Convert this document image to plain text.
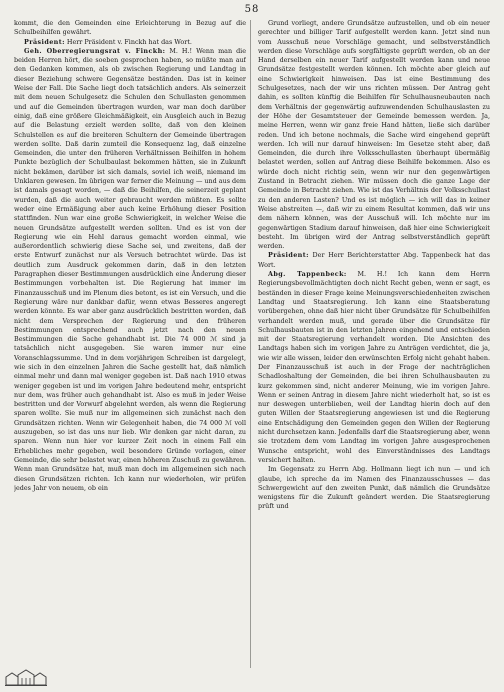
58

kommt, die den Gemeinden eine Erleichterung in Bezug auf die Schulbeihilfen gewährt.

Präsident: Herr Präsident v. Finckh hat das Wort.

Geh. Oberregierungsrat v. Finckh: M. H.! Wenn man die beiden Herren hört, die soeben gesprochen haben, so müßte man auf den Gedanken kommen, als ob zwischen Regierung und Landtag in dieser Beziehung schwere Gegensätze beständen. Das ist in keiner Weise der Fall. Die Sache liegt doch tatsächlich anders. Als seinerzeit mit dem neuen Schulgesetz die Schulen den Schullasten genommen und auf die Gemeinden übertragen wurden, war man doch darüber einig, daß eine größere Gleichmäßigkeit, ein Ausgleich auch in Bezug auf die Belastung erzielt werden sollte, daß von den kleinen Schulstellen es auf die breiteren Schultern der Gemeinde übertragen werden sollte. Daß darin zumteil die Konsequenz lag, daß einzelne Gemeinden, die unter den früheren Verhältnissen Beihilfen in hohem Punkte bezüglich der Schulbaulast bekommen hätten, sie in Zukunft nicht bekämen, darüber ist sich damals, soviel ich weiß, niemand im Unklaren gewesen. Im übrigen war ferner die Meinung — und aus dem ist damals gesagt worden, — daß die Beihilfen, die seinerzeit geplant wurden, daß die auch weiter gebraucht werden müßten. Es sollte weder eine Ermäßigung aber auch keine Erhöhung dieser Position stattfinden. Nun war eine große Schwierigkeit, in welcher Weise die neuen Grundsätze aufgestellt werden sollten. Und es ist von der Regierung wie ein Hehl daraus gemacht worden einmal, wie außerordentlich schwierig diese Sache sei, und zweitens, daß der erste Entwurf zunächst nur als Versuch betrachtet würde. Das ist deutlich zum Ausdruck gekommen darin, daß in den letzten Paragraphen dieser Bestimmungen ausdrücklich eine Änderung dieser Bestimmungen vorbehalten ist. Die Regierung hat immer im Finanzausschuß und im Plenum dies betont, es ist ein Versuch, und die Regierung wäre nur dankbar dafür, wenn etwas Besseres angeregt werden könnte. Es war aber ganz ausdrücklich bestritten worden, daß nicht dem Versprechen der Regierung und den früheren Bestimmungen entsprechend auch jetzt nach den neuen Bestimmungen die Sache gehandhabt ist. Die 74 000 ℳ sind ja tatsächlich nicht ausgegeben. Sie waren immer nur eine Voranschlagssumme. Und in dem vorjährigen Schreiben ist dargelegt, wie sich in den einzelnen Jahren die Sache gestellt hat, daß nämlich einmal mehr und dann mal weniger gegeben ist. Daß nach 1910 etwas weniger gegeben ist und im vorigen Jahre bedeutend mehr, entspricht nur dem, was früher auch gehandhabt ist. Also es muß in jeder Weise bestritten und der Vorwurf abgelehnt werden, als wenn die Regierung sparen wollte. Sie muß nur im allgemeinen sich zunächst nach den Grundsätzen richten. Wenn wir Gelegenheit haben, die 74 000 ℳ voll auszugeben, so ist das uns nur lieb. Wir denken gar nicht daran, zu sparen. Wenn nun hier vor kurzer Zeit noch in einem Fall ein Erhebliches mehr gegeben, weil besondere Gründe vorlagen, einer Gemeinde, die sehr belastet war, einen höheren Zuschuß zu gewähren. Wenn man Grundsätze hat, muß man doch im allgemeinen sich nach diesen Grundsätzen richten. Ich kann nur wiederholen, wir prüfen jedes Jahr von neuem, ob ein

Grund vorliegt, andere Grundsätze aufzustellen, und ob ein neuer gerechter und billiger Tarif aufgestellt werden kann. Jetzt sind nun vom Ausschuß neue Vorschläge gemacht, und selbstverständlich werden diese Vorschläge aufs sorgfältigste geprüft werden, ob an der Hand derselben ein neuer Tarif aufgestellt werden kann und neue Grundsätze festgestellt werden können. Ich möchte aber gleich auf eine Schwierigkeit hinweisen. Das ist eine Bestimmung des Schulgesetzes, nach der wir uns richten müssen. Der Antrag geht dahin, es sollten künftig die Beihilfen für Schulhausneubauten nach dem Verhältnis der gegenwärtig aufzuwendenden Schulhauslasten zu der Höhe der Gesamtsteuer der Gemeinde bemessen werden. Ja, meine Herren, wenn wir ganz freie Hand hätten, ließe sich darüber reden. Und ich betone nochmals, die Sache wird eingehend geprüft werden. Ich will nur darauf hinweisen: Im Gesetze steht aber, daß Gemeinden, die durch ihre Volksschullasten überhaupt übermäßig belastet werden, sollen auf Antrag diese Beihilfe bekommen. Also es würde doch nicht richtig sein, wenn wir nur den gegenwärtigen Zustand in Betracht ziehen. Wir müssen doch die ganze Lage der Gemeinde in Betracht ziehen. Wie ist das Verhältnis der Volksschullast zu den anderen Lasten? Und es ist möglich — ich will das in keiner Weise abstreiten —, daß wir zu einem Resultat kommen, daß wir uns dem nähern können, was der Ausschuß will. Ich möchte nur im gegenwärtigen Stadium darauf hinweisen, daß hier eine Schwierigkeit besteht. Im übrigen wird der Antrag selbstverständlich geprüft werden.

Präsident: Der Herr Berichterstatter Abg. Tappenbeck hat das Wort.

Abg. Tappenbeck: M. H.! Ich kann dem Herrn Regierungsbevollmächtigten doch nicht Recht geben, wenn er sagt, es beständen in dieser Frage keine Meinungsverschiedenheiten zwischen Landtag und Staatsregierung. Ich kann eine Staatsberatung vorübergehen, ohne daß hier nicht über Grundsätze für Schulbeihilfen verhandelt werden muß, und gerade über die Grundsätze für Schulhausbauten ist in den letzten Jahren eingehend und entschieden mit der Staatsregierung verhandelt worden. Die Ansichten des Landtags haben sich im vorigen Jahre zu Anträgen verdichtet, die ja, wie wir alle wissen, leider den erwünschten Erfolg nicht gehabt haben. Der Finanzausschuß ist auch in der Frage der nachträglichen Schadloshaltung der Gemeinden, die bei ihren Schulhausbauten zu kurz gekommen sind, nicht anderer Meinung, wie im vorigen Jahre. Wenn er seinen Antrag in diesem Jahre nicht wiederholt hat, so ist es nur deswegen unterblieben, weil der Landtag hierin doch auf den guten Willen der Staatsregierung angewiesen ist und die Regierung eine Entschädigung den Gemeinden gegen den Willen der Regierung nicht durchsetzen kann. Jedenfalls darf die Staatsregierung aber, wenn sie trotzdem dem vom Landtag im vorigen Jahre ausgesprochenen Wunsche entspricht, wohl des Einverständnisses des Landtags versichert halten.

Im Gegensatz zu Herrn Abg. Hollmann liegt ich nun — und ich glaube, ich spreche da im Namen des Finanzausschusses — das Schwergewicht auf den zweiten Punkt, daß nämlich die Grundsätze wenigstens für die Zukunft geändert werden. Die Staatsregierung prüft und
